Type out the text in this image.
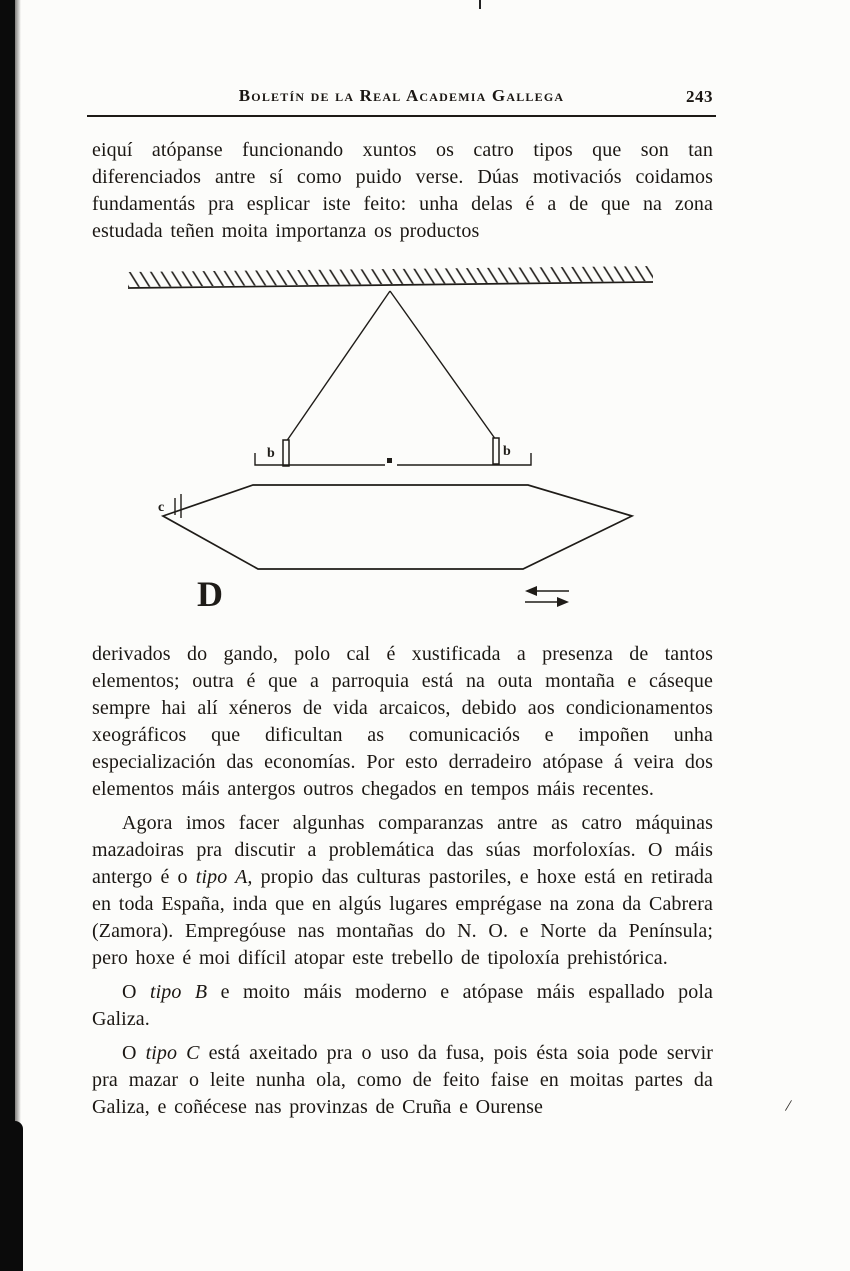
Boletín de la Real Academia Gallega	243

eiquí atópanse funcionando xuntos os catro tipos que son tan diferenciados antre sí como puido verse. Dúas motivaciós coidamos fundamentás pra esplicar iste feito: unha delas é a de que na zona estudada teñen moita importanza os productos

b	b
c
D

derivados do gando, polo cal é xustificada a presenza de tantos elementos; outra é que a parroquia está na outa montaña e cáseque sempre hai alí xéneros de vida arcaicos, debido aos condicionamentos xeográficos que dificultan as comunicaciós e impoñen unha especialización das economías. Por esto derradeiro atópase á veira dos elementos máis antergos outros chegados en tempos máis recentes.

Agora imos facer algunhas comparanzas antre as catro máquinas mazadoiras pra discutir a problemática das súas morfoloxías. O máis antergo é o tipo A, propio das culturas pastoriles, e hoxe está en retirada en toda España, inda que en algús lugares emprégase na zona da Cabrera (Zamora). Empregóuse nas montañas do N. O. e Norte da Península; pero hoxe é moi difícil atopar este trebello de tipoloxía prehistórica.

O tipo B e moito máis moderno e atópase máis espallado pola Galiza.

O tipo C está axeitado pra o uso da fusa, pois ésta soia pode servir pra mazar o leite nunha ola, como de feito faise en moitas partes da Galiza, e coñécese nas provinzas de Cruña e Ourense	/
